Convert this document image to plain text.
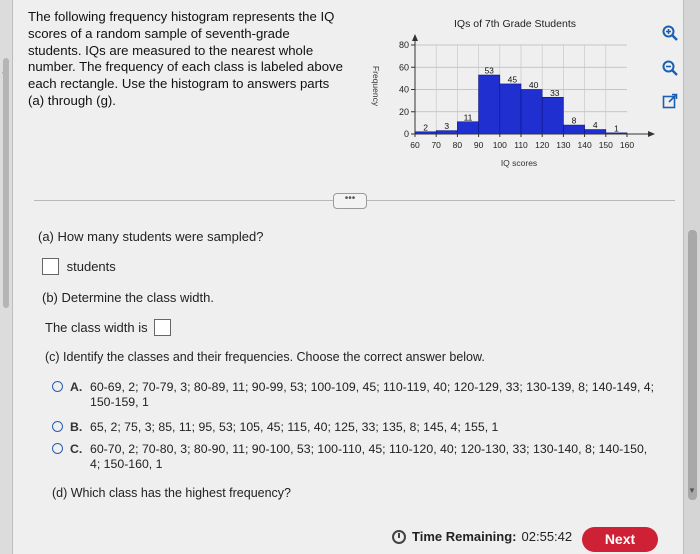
The following frequency histogram represents the IQ scores of a random sample of seventh-grade students. IQs are measured to the nearest whole number. The frequency of each class is labeled above each rectangle. Use the histogram to answers parts (a) through (g).
IQs of 7th Grade Students
Frequency
IQ scores
2 3
11
53
45
40
33
8 4 1
0
20
40
60
80
60 70 80 90 100 110 120 130 140 150 160
•••
(a) How many students were sampled?
students
(b) Determine the class width.
The class width is
(c) Identify the classes and their frequencies. Choose the correct answer below.
A. 60-69, 2; 70-79, 3; 80-89, 11; 90-99, 53; 100-109, 45; 110-119, 40; 120-129, 33; 130-139, 8; 140-149, 4;
150-159, 1
B. 65, 2; 75, 3; 85, 11; 95, 53; 105, 45; 115, 40; 125, 33; 135, 8; 145, 4; 155, 1
C. 60-70, 2; 70-80, 3; 80-90, 11; 90-100, 53; 100-110, 45; 110-120, 40; 120-130, 33; 130-140, 8; 140-150,
4; 150-160, 1
(d) Which class has the highest frequency?
Time Remaining: 02:55:42	Next
▼
